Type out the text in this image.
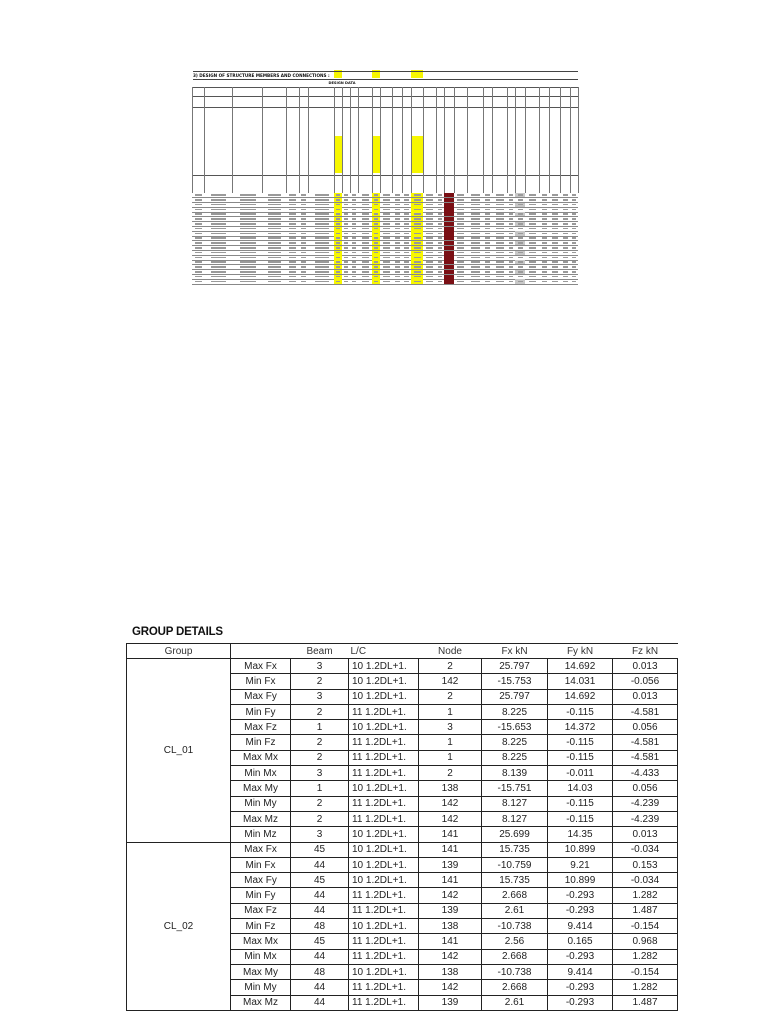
3) DESIGN OF STRUCTURE MEMBERS AND CONNECTIONS :
DESIGN DATA
GROUP DETAILS
Group		Beam	L/C	Node	Fx kN	Fy kN	Fz kN
CL_01	Max Fx	3	10 1.2DL+1.	2	25.797	14.692	0.013
	Min Fx	2	10 1.2DL+1.	142	-15.753	14.031	-0.056
	Max Fy	3	10 1.2DL+1.	2	25.797	14.692	0.013
	Min Fy	2	11 1.2DL+1.	1	8.225	-0.115	-4.581
	Max Fz	1	10 1.2DL+1.	3	-15.653	14.372	0.056
	Min Fz	2	11 1.2DL+1.	1	8.225	-0.115	-4.581
	Max Mx	2	11 1.2DL+1.	1	8.225	-0.115	-4.581
	Min Mx	3	11 1.2DL+1.	2	8.139	-0.011	-4.433
	Max My	1	10 1.2DL+1.	138	-15.751	14.03	0.056
	Min My	2	11 1.2DL+1.	142	8.127	-0.115	-4.239
	Max Mz	2	11 1.2DL+1.	142	8.127	-0.115	-4.239
	Min Mz	3	10 1.2DL+1.	141	25.699	14.35	0.013
CL_02	Max Fx	45	10 1.2DL+1.	141	15.735	10.899	-0.034
	Min Fx	44	10 1.2DL+1.	139	-10.759	9.21	0.153
	Max Fy	45	10 1.2DL+1.	141	15.735	10.899	-0.034
	Min Fy	44	11 1.2DL+1.	142	2.668	-0.293	1.282
	Max Fz	44	11 1.2DL+1.	139	2.61	-0.293	1.487
	Min Fz	48	10 1.2DL+1.	138	-10.738	9.414	-0.154
	Max Mx	45	11 1.2DL+1.	141	2.56	0.165	0.968
	Min Mx	44	11 1.2DL+1.	142	2.668	-0.293	1.282
	Max My	48	10 1.2DL+1.	138	-10.738	9.414	-0.154
	Min My	44	11 1.2DL+1.	142	2.668	-0.293	1.282
	Max Mz	44	11 1.2DL+1.	139	2.61	-0.293	1.487
